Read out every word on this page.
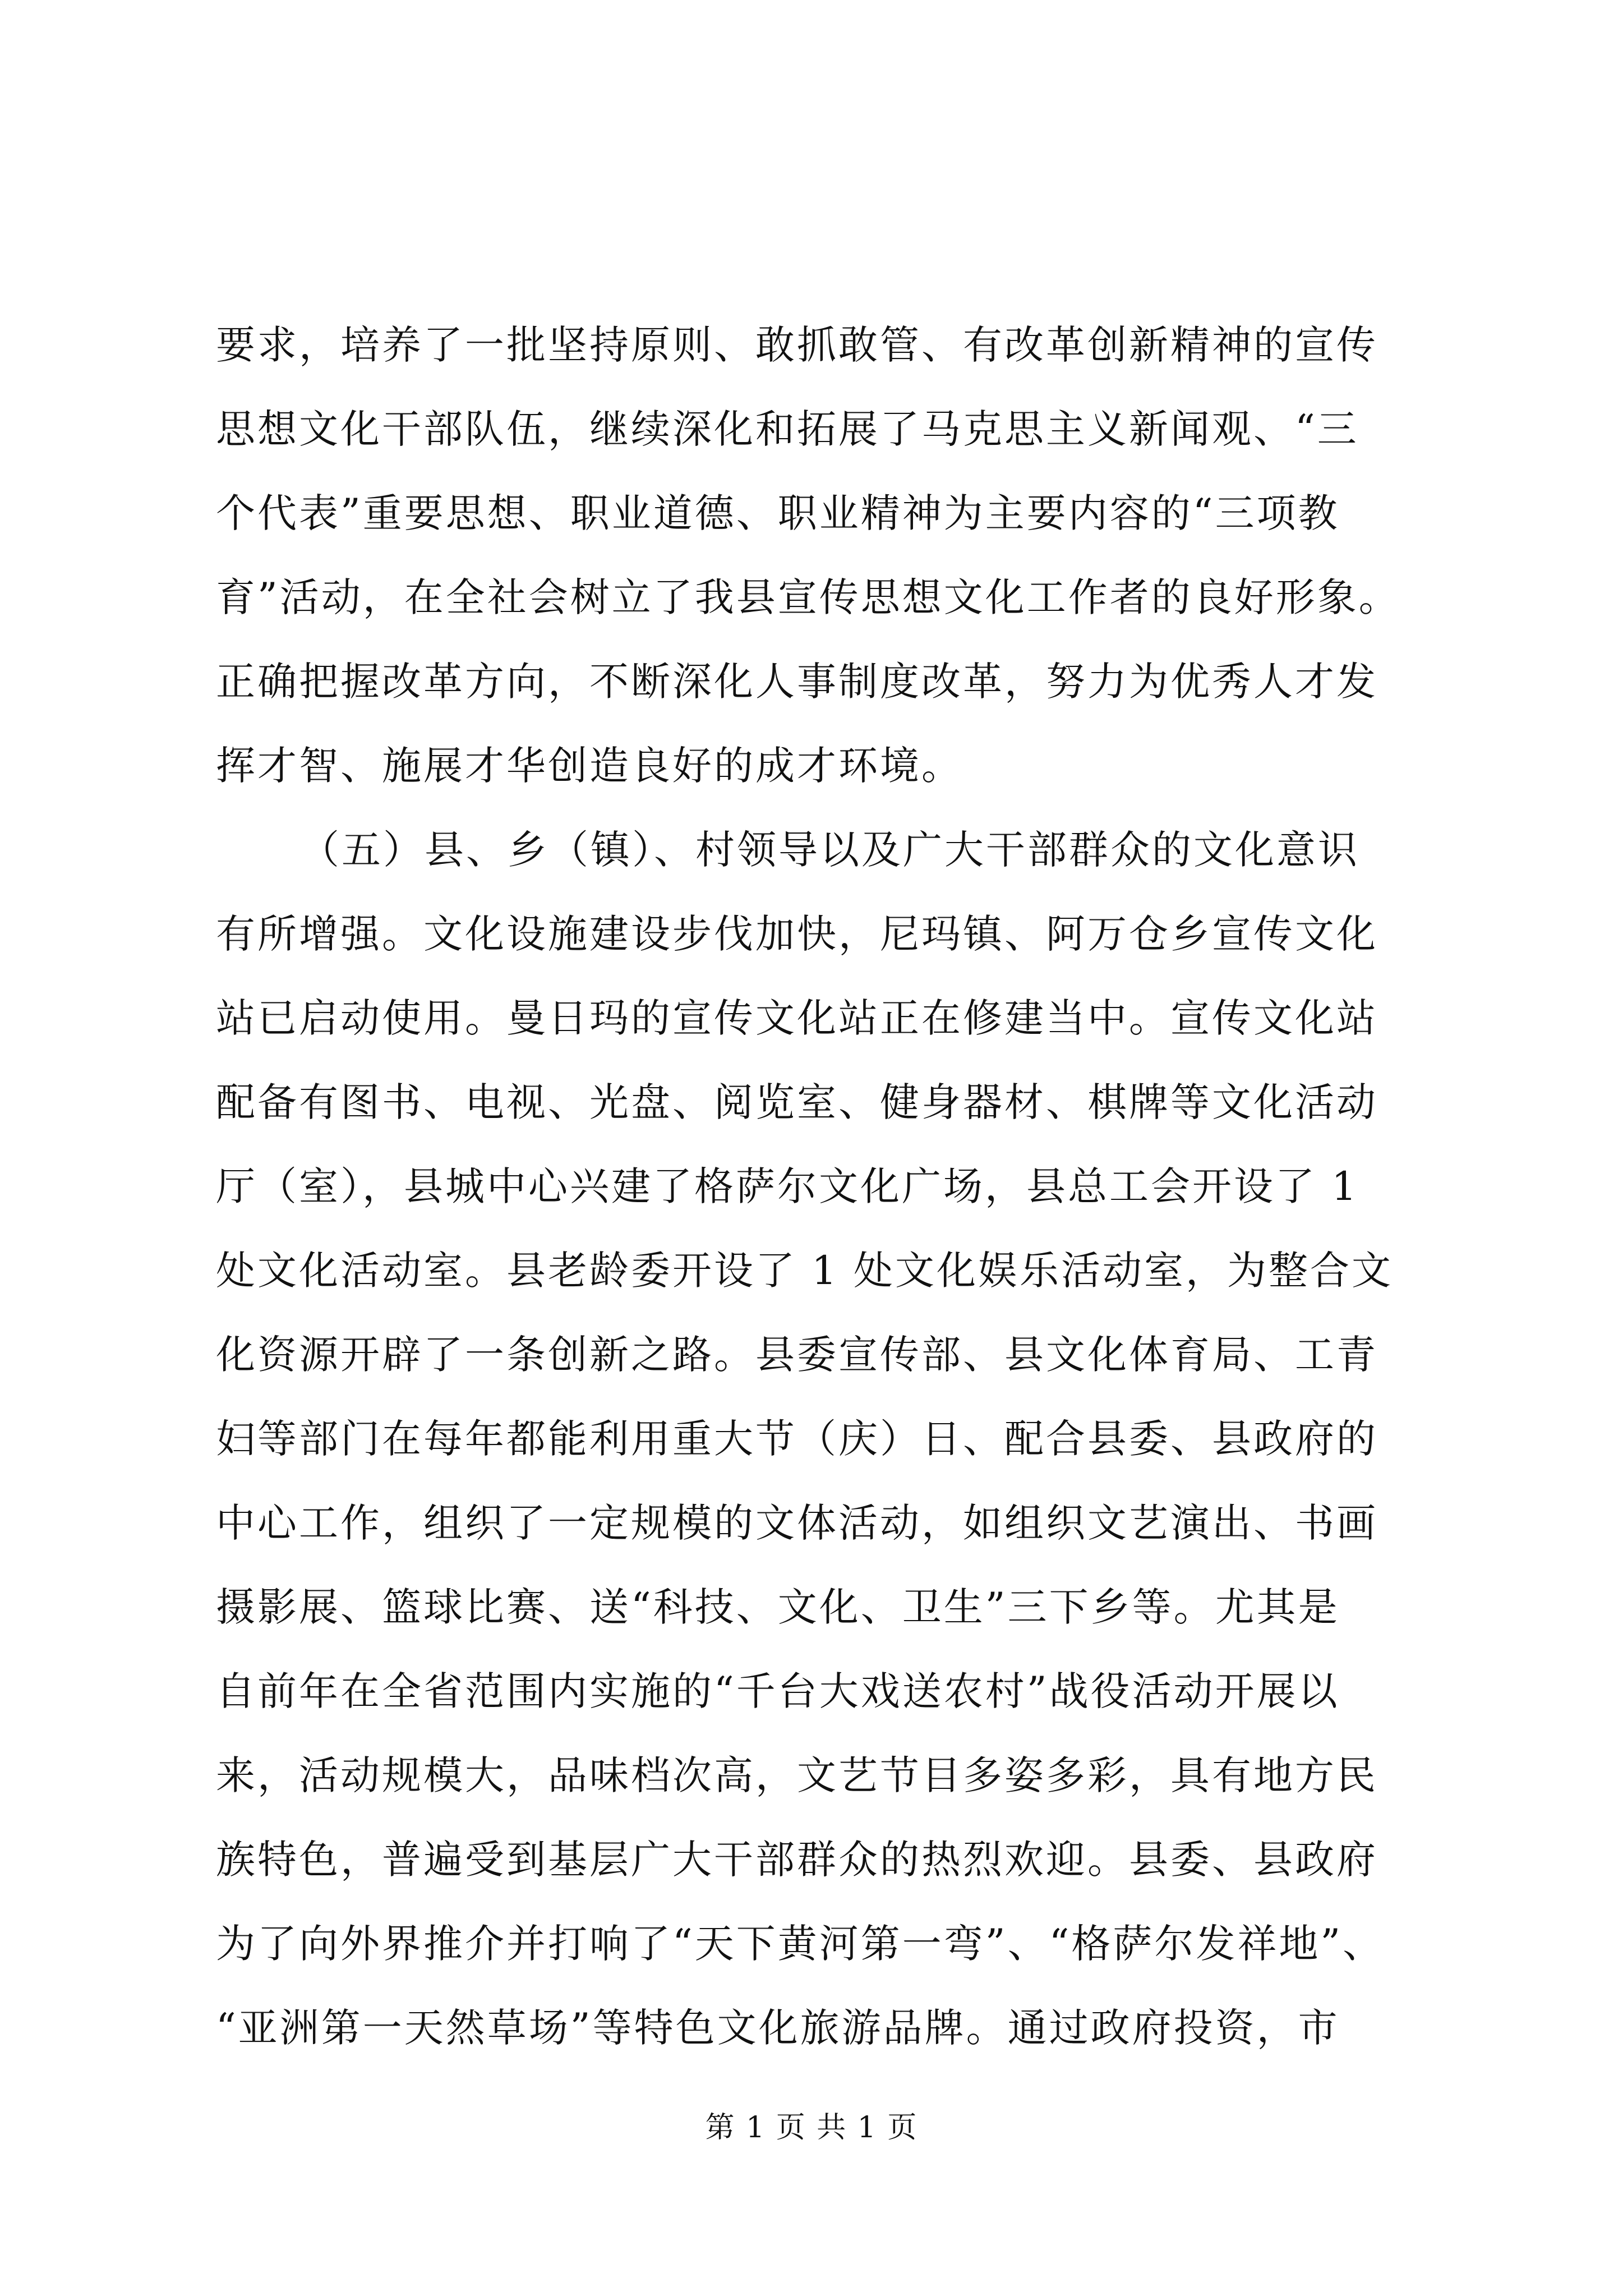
要求，培养了一批坚持原则、敢抓敢管、有改革创新精神的宣传
思想文化干部队伍，继续深化和拓展了马克思主义新闻观、“三
个代表”重要思想、职业道德、职业精神为主要内容的“三项教
育”活动，在全社会树立了我县宣传思想文化工作者的良好形象。
正确把握改革方向，不断深化人事制度改革，努力为优秀人才发
挥才智、施展才华创造良好的成才环境。
（五）县、乡（镇）、村领导以及广大干部群众的文化意识
有所增强。文化设施建设步伐加快，尼玛镇、阿万仓乡宣传文化
站已启动使用。曼日玛的宣传文化站正在修建当中。宣传文化站
配备有图书、电视、光盘、阅览室、健身器材、棋牌等文化活动
厅（室），县城中心兴建了格萨尔文化广场，县总工会开设了 1
处文化活动室。县老龄委开设了 1 处文化娱乐活动室，为整合文
化资源开辟了一条创新之路。县委宣传部、县文化体育局、工青
妇等部门在每年都能利用重大节（庆）日、配合县委、县政府的
中心工作，组织了一定规模的文体活动，如组织文艺演出、书画
摄影展、篮球比赛、送“科技、文化、卫生”三下乡等。尤其是
自前年在全省范围内实施的“千台大戏送农村”战役活动开展以
来，活动规模大，品味档次高，文艺节目多姿多彩，具有地方民
族特色，普遍受到基层广大干部群众的热烈欢迎。县委、县政府
为了向外界推介并打响了“天下黄河第一弯”、“格萨尔发祥地”、
“亚洲第一天然草场”等特色文化旅游品牌。通过政府投资，市
第 1 页 共 1 页
